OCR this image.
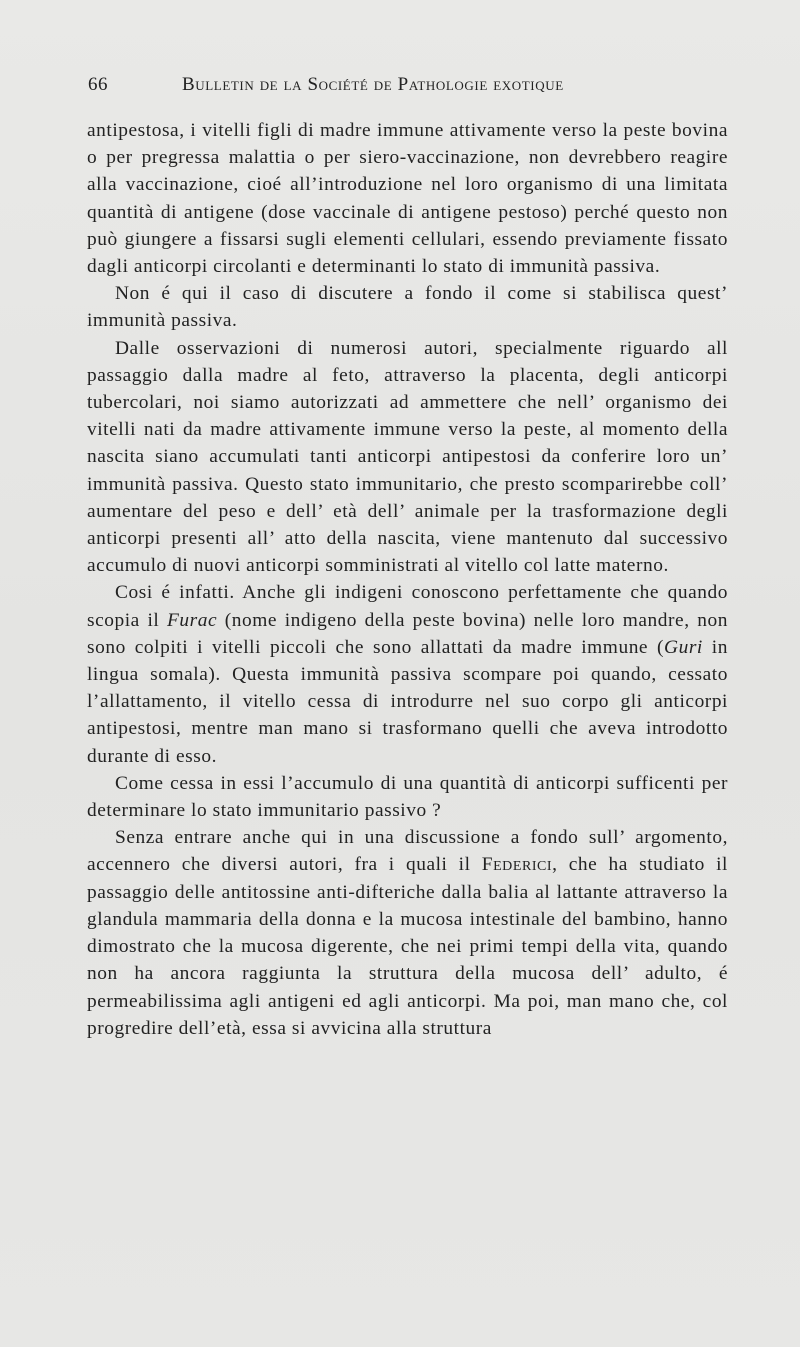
66	Bulletin de la Société de Pathologie exotique

antipestosa, i vitelli figli di madre immune attivamente verso la peste bovina o per pregressa malattia o per siero-vaccinazione, non devrebbero reagire alla vaccinazione, cioé all’introduzione nel loro organismo di una limitata quantità di antigene (dose vaccinale di antigene pestoso) perché questo non può giungere a fissarsi sugli elementi cellulari, essendo previamente fissato dagli anticorpi circolanti e determinanti lo stato di immunità passiva.

Non é qui il caso di discutere a fondo il come si stabilisca quest’ immunità passiva.

Dalle osservazioni di numerosi autori, specialmente riguardo all passaggio dalla madre al feto, attraverso la placenta, degli anticorpi tubercolari, noi siamo autorizzati ad ammettere che nell’ organismo dei vitelli nati da madre attivamente immune verso la peste, al momento della nascita siano accumulati tanti anticorpi antipestosi da conferire loro un’ immunità passiva. Questo stato immunitario, che presto scomparirebbe coll’ aumentare del peso e dell’ età dell’ animale per la trasformazione degli anticorpi presenti all’ atto della nascita, viene mantenuto dal successivo accumulo di nuovi anticorpi somministrati al vitello col latte materno.

Cosi é infatti. Anche gli indigeni conoscono perfettamente che quando scopia il Furac (nome indigeno della peste bovina) nelle loro mandre, non sono colpiti i vitelli piccoli che sono allattati da madre immune (Guri in lingua somala). Questa immunità passiva scompare poi quando, cessato l’allattamento, il vitello cessa di introdurre nel suo corpo gli anticorpi antipestosi, mentre man mano si trasformano quelli che aveva introdotto durante di esso.

Come cessa in essi l’accumulo di una quantità di anticorpi sufficenti per determinare lo stato immunitario passivo ?

Senza entrare anche qui in una discussione a fondo sull’ argomento, accennero che diversi autori, fra i quali il Federici, che ha studiato il passaggio delle antitossine anti-difteriche dalla balia al lattante attraverso la glandula mammaria della donna e la mucosa intestinale del bambino, hanno dimostrato che la mucosa digerente, che nei primi tempi della vita, quando non ha ancora raggiunta la struttura della mucosa dell’ adulto, é permeabilissima agli antigeni ed agli anticorpi. Ma poi, man mano che, col progredire dell’età, essa si avvicina alla struttura
